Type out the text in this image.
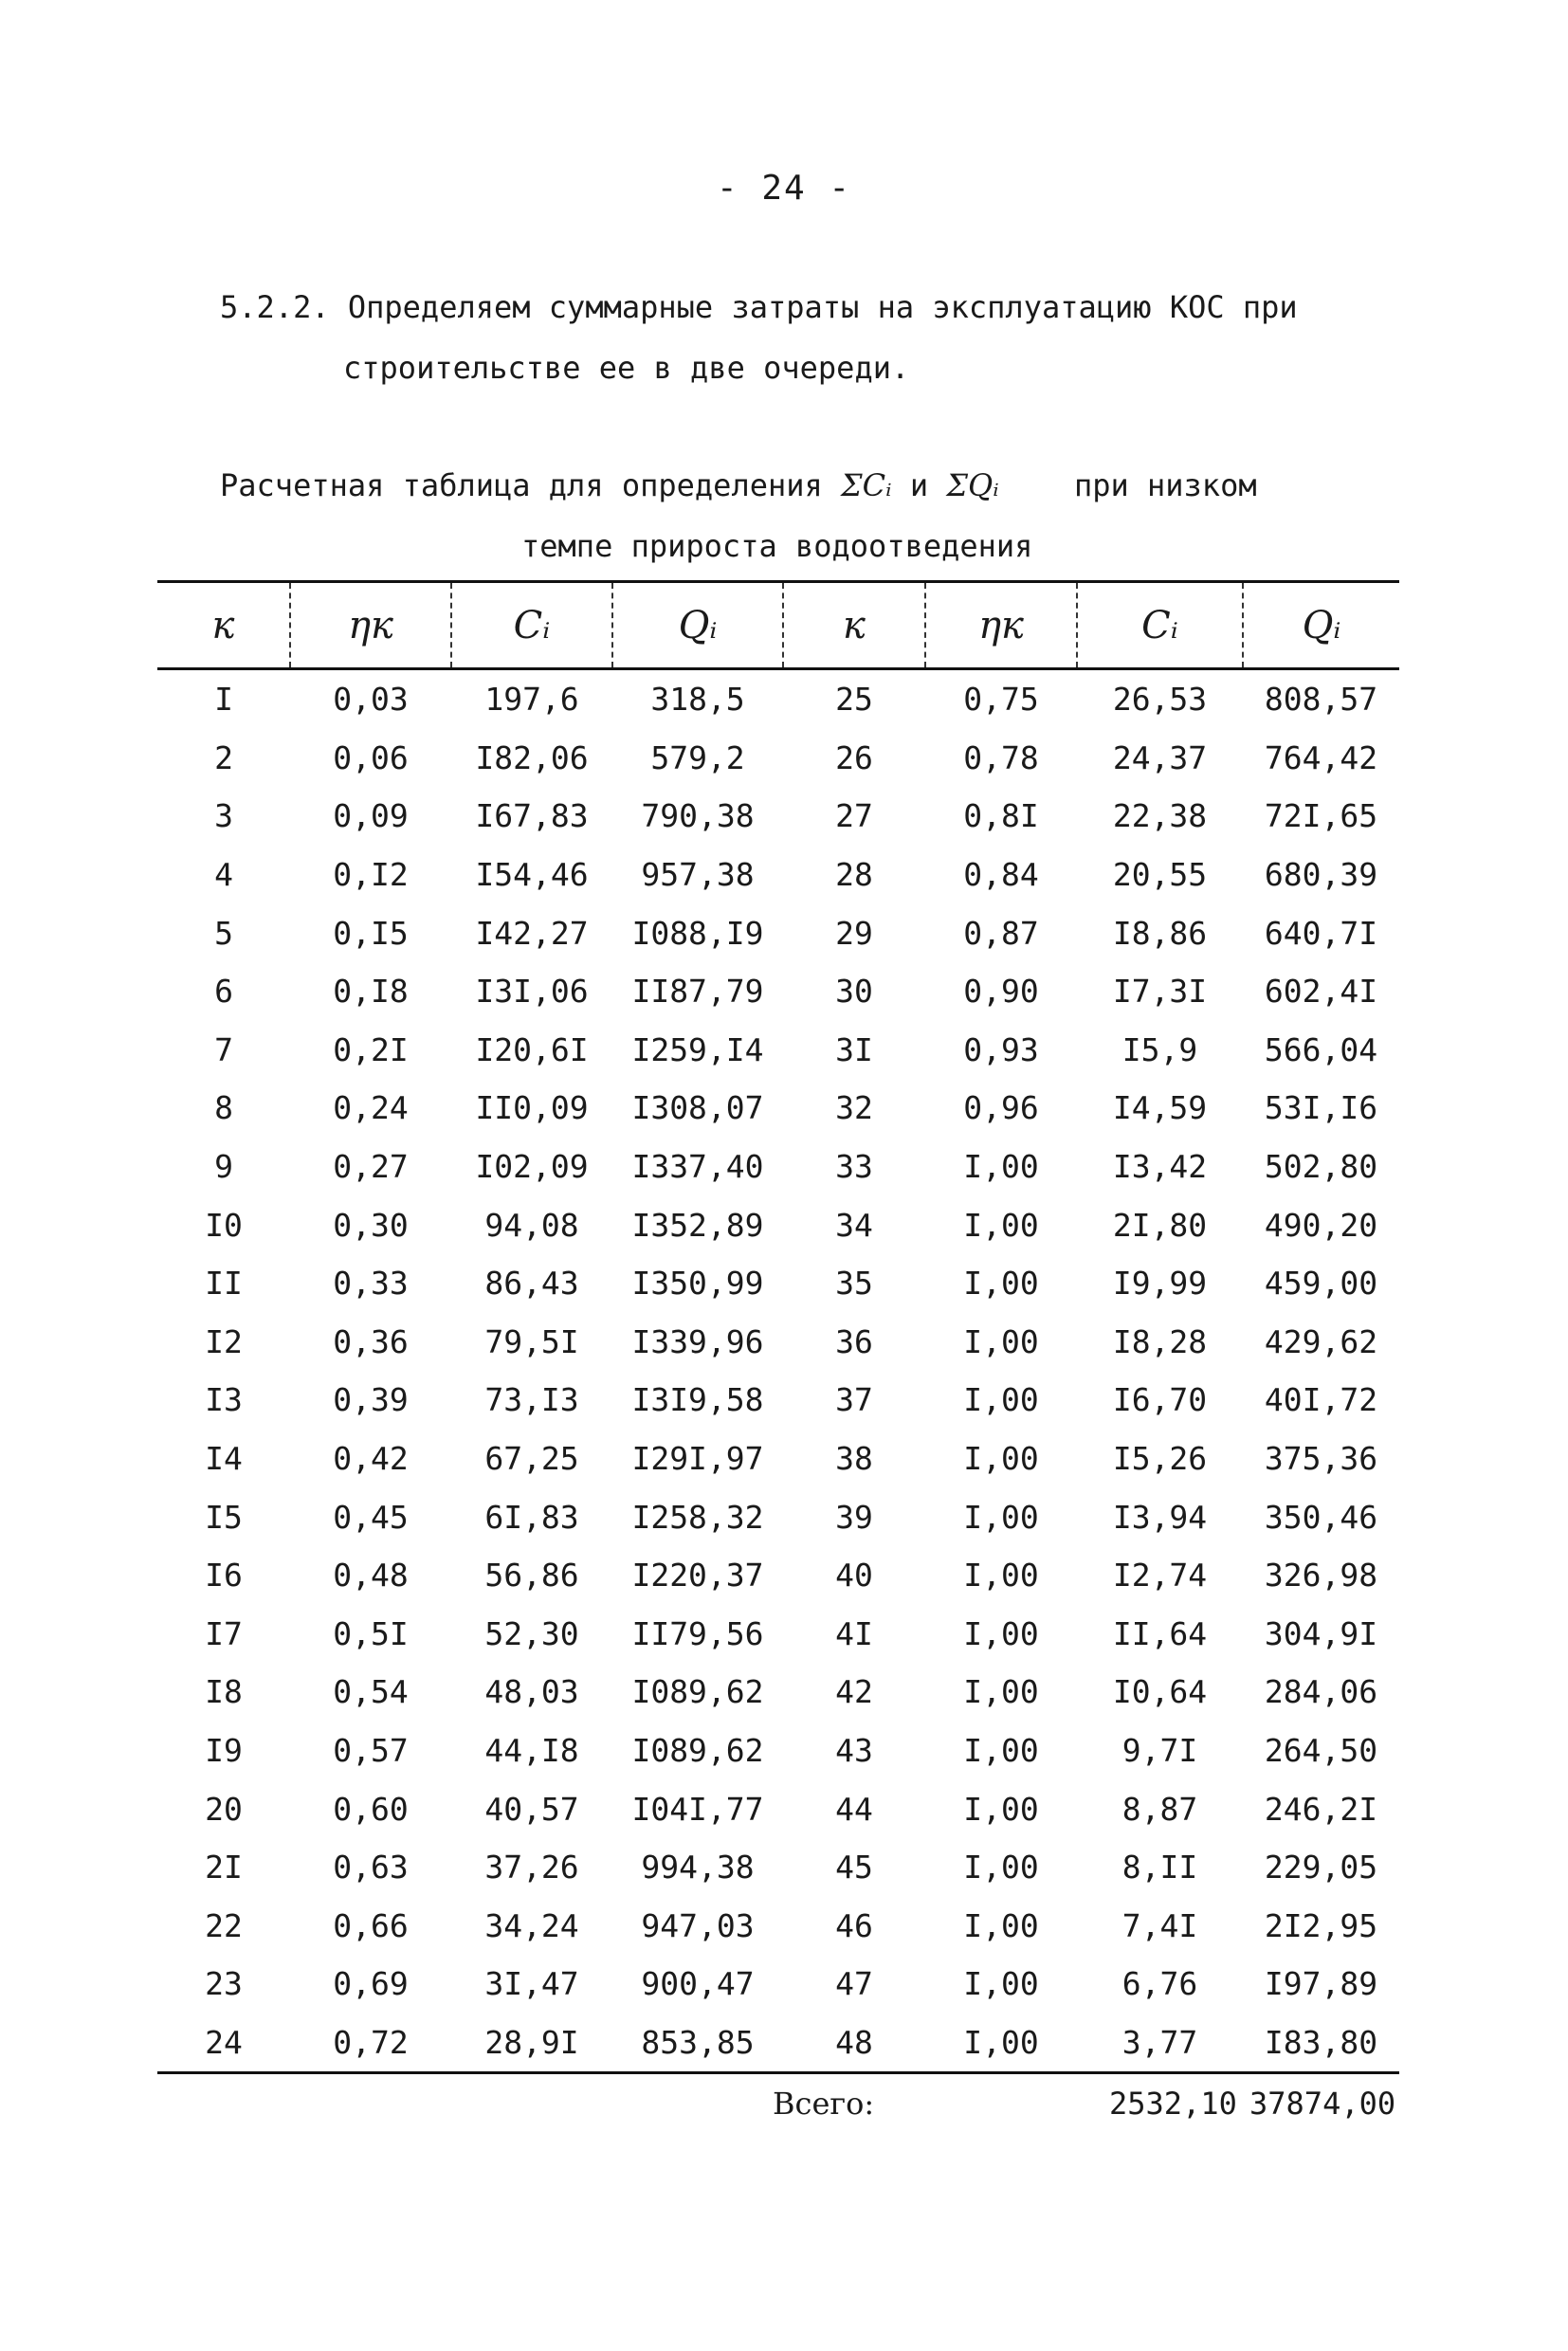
- 24 -
5.2.2. Определяем суммарные затраты на эксплуатацию КОС при
строительстве ее в две очереди.
Расчетная таблица для определения ΣCᵢ и ΣQᵢ при низком
темпе прироста водоотведения
к	ηк	Cᵢ	Qᵢ	к	ηк	Cᵢ	Qᵢ
I	0,03	197,6	318,5	25	0,75	26,53	808,57
2	0,06	I82,06	579,2	26	0,78	24,37	764,42
3	0,09	I67,83	790,38	27	0,8I	22,38	72I,65
4	0,I2	I54,46	957,38	28	0,84	20,55	680,39
5	0,I5	I42,27	I088,I9	29	0,87	I8,86	640,7I
6	0,I8	I3I,06	II87,79	30	0,90	I7,3I	602,4I
7	0,2I	I20,6I	I259,I4	3I	0,93	I5,9	566,04
8	0,24	II0,09	I308,07	32	0,96	I4,59	53I,I6
9	0,27	I02,09	I337,40	33	I,00	I3,42	502,80
I0	0,30	94,08	I352,89	34	I,00	2I,80	490,20
II	0,33	86,43	I350,99	35	I,00	I9,99	459,00
I2	0,36	79,5I	I339,96	36	I,00	I8,28	429,62
I3	0,39	73,I3	I3I9,58	37	I,00	I6,70	40I,72
I4	0,42	67,25	I29I,97	38	I,00	I5,26	375,36
I5	0,45	6I,83	I258,32	39	I,00	I3,94	350,46
I6	0,48	56,86	I220,37	40	I,00	I2,74	326,98
I7	0,5I	52,30	II79,56	4I	I,00	II,64	304,9I
I8	0,54	48,03	I089,62	42	I,00	I0,64	284,06
I9	0,57	44,I8	I089,62	43	I,00	9,7I	264,50
20	0,60	40,57	I04I,77	44	I,00	8,87	246,2I
2I	0,63	37,26	994,38	45	I,00	8,II	229,05
22	0,66	34,24	947,03	46	I,00	7,4I	2I2,95
23	0,69	3I,47	900,47	47	I,00	6,76	I97,89
24	0,72	28,9I	853,85	48	I,00	3,77	I83,80
Всего:	2532,10 37874,00
